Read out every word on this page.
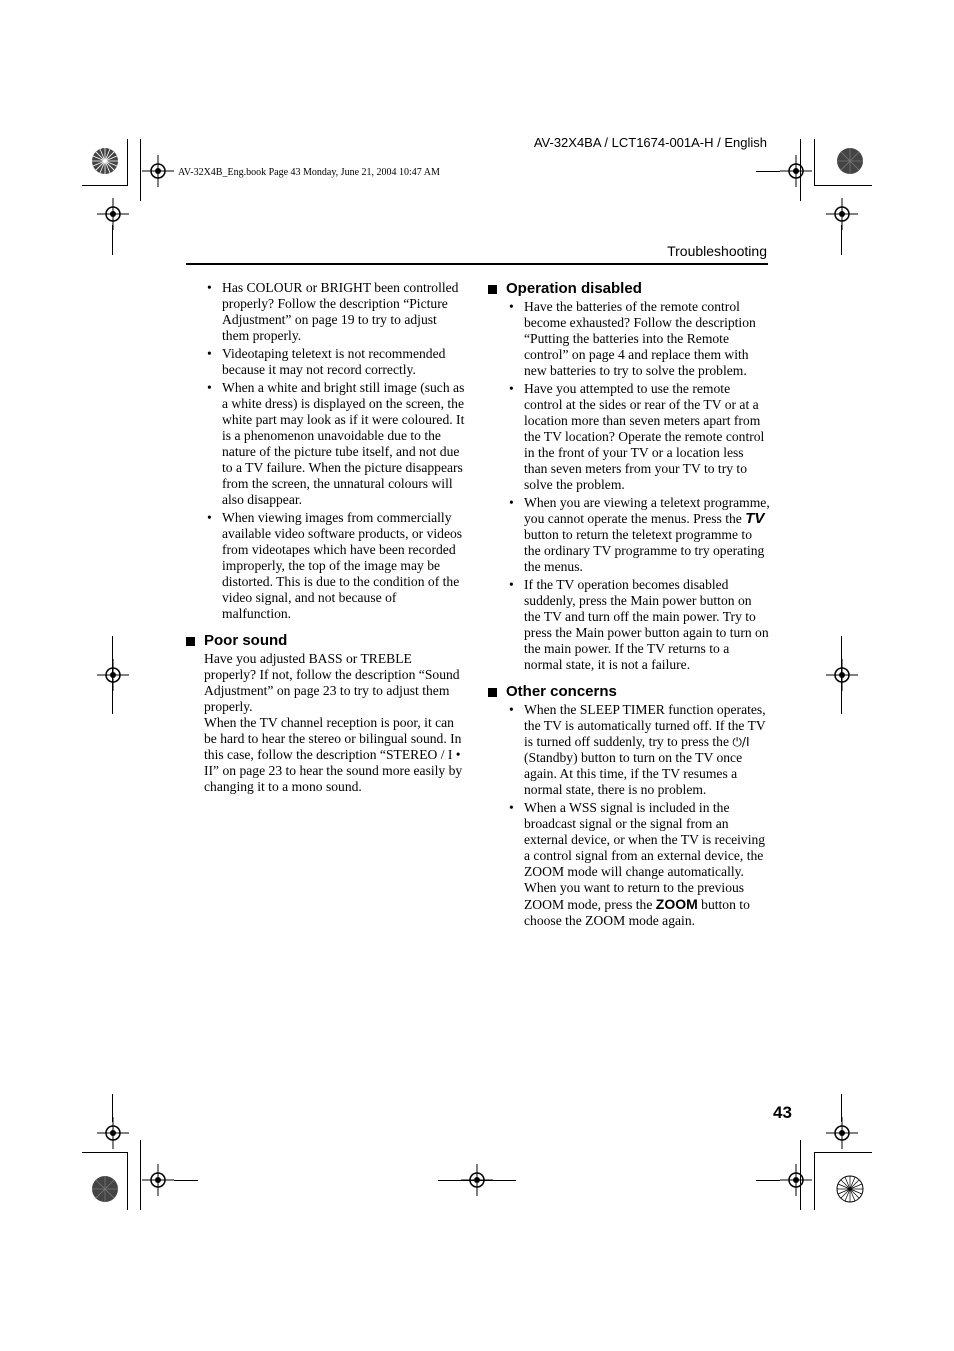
AV-32X4BA / LCT1674-001A-H / English
AV-32X4B_Eng.book Page 43 Monday, June 21, 2004 10:47 AM
Troubleshooting
• Has COLOUR or BRIGHT been controlled properly? Follow the description “Picture Adjustment” on page 19 to try to adjust them properly.
• Videotaping teletext is not recommended because it may not record correctly.
• When a white and bright still image (such as a white dress) is displayed on the screen, the white part may look as if it were coloured. It is a phenomenon unavoidable due to the nature of the picture tube itself, and not due to a TV failure. When the picture disappears from the screen, the unnatural colours will also disappear.
• When viewing images from commercially available video software products, or videos from videotapes which have been recorded improperly, the top of the image may be distorted. This is due to the condition of the video signal, and not because of malfunction.
Poor sound

Have you adjusted BASS or TREBLE properly? If not, follow the description “Sound Adjustment” on page 23 to try to adjust them properly.

When the TV channel reception is poor, it can be hard to hear the stereo or bilingual sound. In this case, follow the description “STEREO / I • II” on page 23 to hear the sound more easily by changing it to a mono sound.

Operation disabled
• Have the batteries of the remote control become exhausted? Follow the description “Putting the batteries into the Remote control” on page 4 and replace them with new batteries to try to solve the problem.
• Have you attempted to use the remote control at the sides or rear of the TV or at a location more than seven meters apart from the TV location? Operate the remote control in the front of your TV or a location less than seven meters from your TV to try to solve the problem.
• When you are viewing a teletext programme, you cannot operate the menus. Press the TV button to return the teletext programme to the ordinary TV programme to try operating the menus.
• If the TV operation becomes disabled suddenly, press the Main power button on the TV and turn off the main power. Try to press the Main power button again to turn on the main power. If the TV returns to a normal state, it is not a failure.
Other concerns
• When the SLEEP TIMER function operates, the TV is automatically turned off. If the TV is turned off suddenly, try to press the ⏻/I (Standby) button to turn on the TV once again. At this time, if the TV resumes a normal state, there is no problem.
• When a WSS signal is included in the broadcast signal or the signal from an external device, or when the TV is receiving a control signal from an external device, the ZOOM mode will change automatically. When you want to return to the previous ZOOM mode, press the ZOOM button to choose the ZOOM mode again.
43
